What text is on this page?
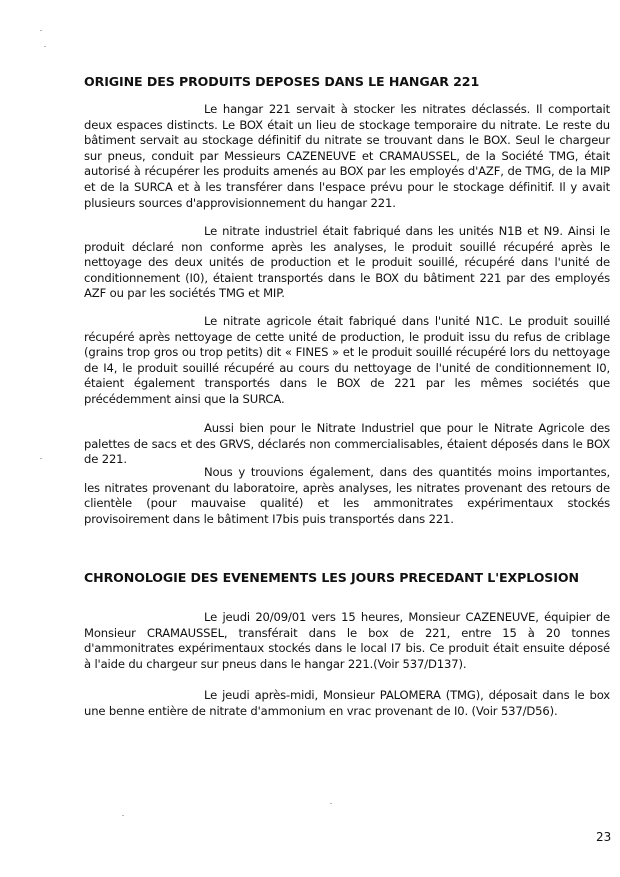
ORIGINE DES PRODUITS DEPOSES DANS LE HANGAR 221

Le hangar 221 servait à stocker les nitrates déclassés. Il comportait deux espaces distincts. Le BOX était un lieu de stockage temporaire du nitrate. Le reste du bâtiment servait au stockage définitif du nitrate se trouvant dans le BOX. Seul le chargeur sur pneus, conduit par Messieurs CAZENEUVE et CRAMAUSSEL, de la Société TMG, était autorisé à récupérer les produits amenés au BOX par les employés d'AZF, de TMG, de la MIP et de la SURCA et à les transférer dans l'espace prévu pour le stockage définitif. Il y avait plusieurs sources d'approvisionnement du hangar 221.

Le nitrate industriel était fabriqué dans les unités N1B et N9. Ainsi le produit déclaré non conforme après les analyses, le produit souillé récupéré après le nettoyage des deux unités de production et le produit souillé, récupéré dans l'unité de conditionnement (I0), étaient transportés dans le BOX du bâtiment 221 par des employés AZF ou par les sociétés TMG et MIP.

Le nitrate agricole était fabriqué dans l'unité N1C. Le produit souillé récupéré après nettoyage de cette unité de production, le produit issu du refus de criblage (grains trop gros ou trop petits) dit « FINES » et le produit souillé récupéré lors du nettoyage de I4, le produit souillé récupéré au cours du nettoyage de l'unité de conditionnement I0, étaient également transportés dans le BOX de 221 par les mêmes sociétés que précédemment ainsi que la SURCA.

Aussi bien pour le Nitrate Industriel que pour le Nitrate Agricole des palettes de sacs et des GRVS, déclarés non commercialisables, étaient déposés dans le BOX de 221.

Nous y trouvions également, dans des quantités moins importantes, les nitrates provenant du laboratoire, après analyses, les nitrates provenant des retours de clientèle (pour mauvaise qualité) et les ammonitrates expérimentaux stockés provisoirement dans le bâtiment I7bis puis transportés dans 221.

CHRONOLOGIE DES EVENEMENTS LES JOURS PRECEDANT L'EXPLOSION

Le jeudi 20/09/01 vers 15 heures, Monsieur CAZENEUVE, équipier de Monsieur CRAMAUSSEL, transférait dans le box de 221, entre 15 à 20 tonnes d'ammonitrates expérimentaux stockés dans le local I7 bis. Ce produit était ensuite déposé à l'aide du chargeur sur pneus dans le hangar 221.(Voir 537/D137).

Le jeudi après-midi, Monsieur PALOMERA (TMG), déposait dans le box une benne entière de nitrate d'ammonium en vrac provenant de I0. (Voir 537/D56).

23
